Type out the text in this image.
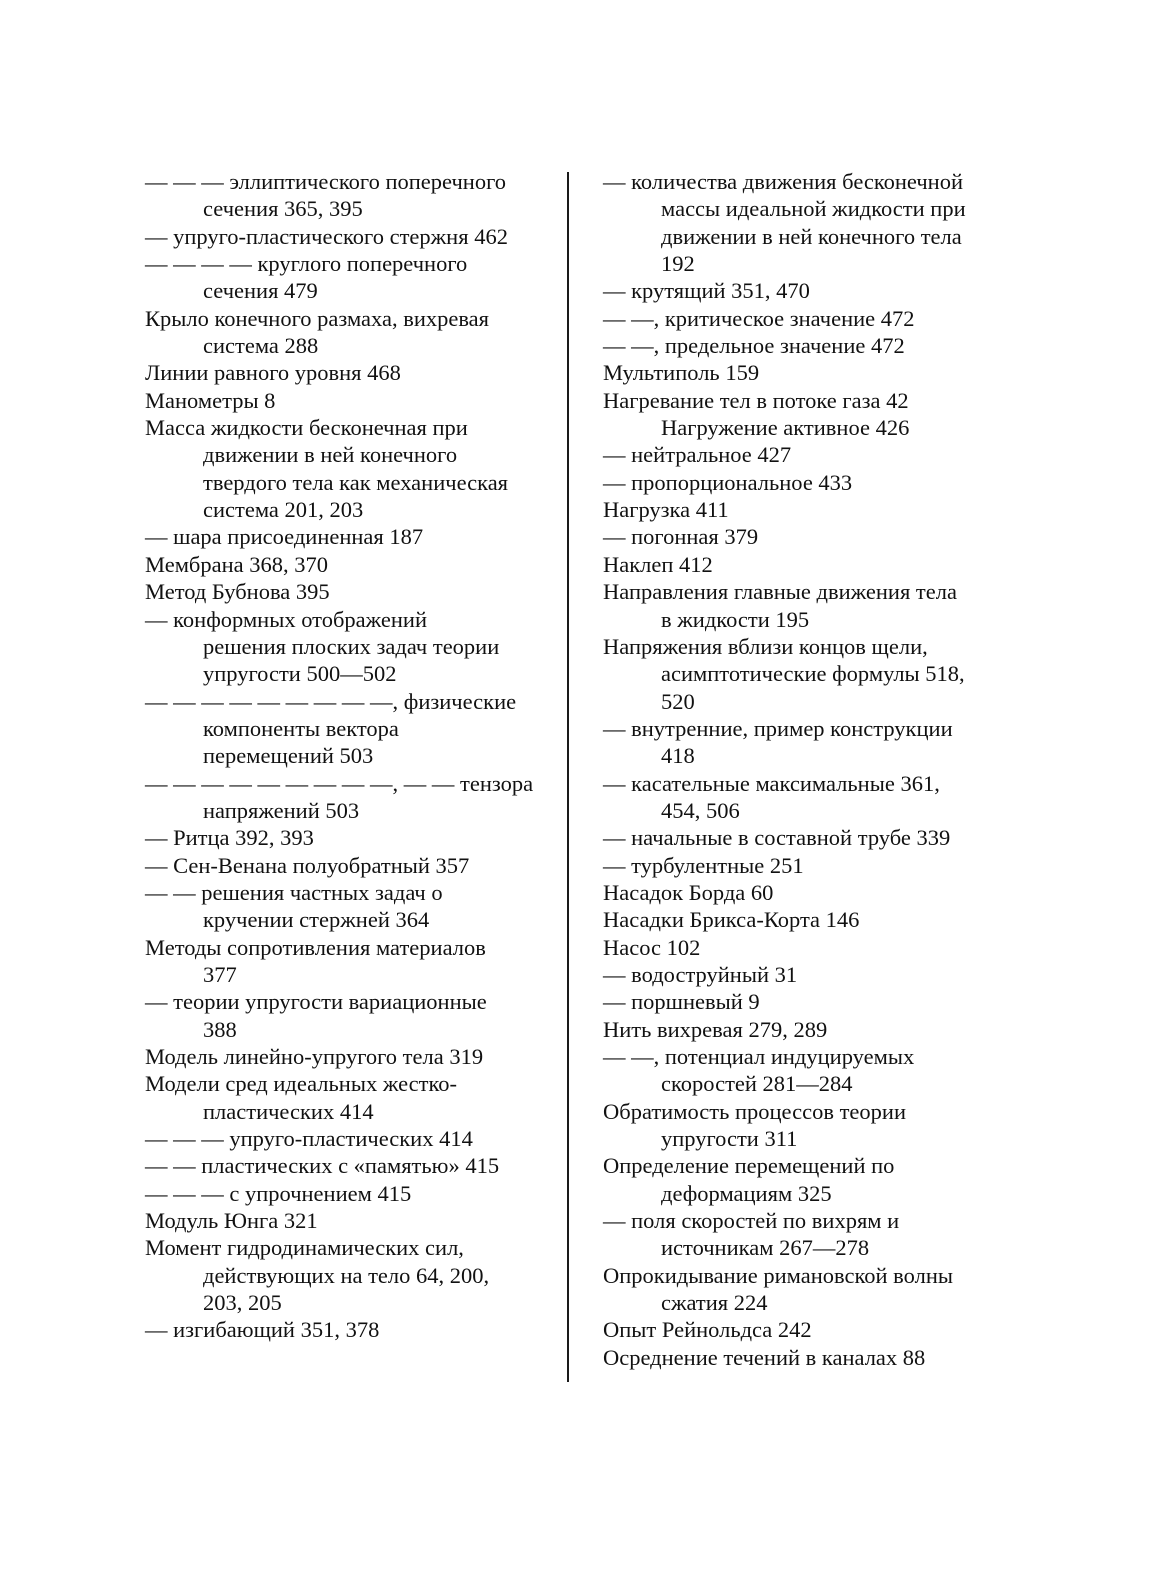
— — — эллиптического поперечного
сечения 365, 395
— упруго-пластического стержня 462
— — — — круглого поперечного
сечения 479
Крыло конечного размаха, вихревая
система 288
Линии равного уровня 468
Манометры 8
Масса жидкости бесконечная при
движении в ней конечного
твердого тела как механическая
система 201, 203
— шара присоединенная 187
Мембрана 368, 370
Метод Бубнова 395
— конформных отображений
решения плоских задач теории
упругости 500—502
— — — — — — — — —, физические
компоненты вектора
перемещений 503
— — — — — — — — —, — — тензора
напряжений 503
— Ритца 392, 393
— Сен-Венана полуобратный 357
— — решения частных задач о
кручении стержней 364
Методы сопротивления материалов
377
— теории упругости вариационные
388
Модель линейно-упругого тела 319
Модели сред идеальных жестко-
пластических 414
— — — упруго-пластических 414
— — пластических с «памятью» 415
— — — с упрочнением 415
Модуль Юнга 321
Момент гидродинамических сил,
действующих на тело 64, 200,
203, 205
— изгибающий 351, 378
— количества движения бесконечной
массы идеальной жидкости при
движении в ней конечного тела
192
— крутящий 351, 470
— —, критическое значение 472
— —, предельное значение 472
Мультиполь 159
Нагревание тел в потоке газа 42
Нагружение активное 426
— нейтральное 427
— пропорциональное 433
Нагрузка 411
— погонная 379
Наклеп 412
Направления главные движения тела
в жидкости 195
Напряжения вблизи концов щели,
асимптотические формулы 518,
520
— внутренние, пример конструкции
418
— касательные максимальные 361,
454, 506
— начальные в составной трубе 339
— турбулентные 251
Насадок Борда 60
Насадки Брикса-Корта 146
Насос 102
— водоструйный 31
— поршневый 9
Нить вихревая 279, 289
— —, потенциал индуцируемых
скоростей 281—284
Обратимость процессов теории
упругости 311
Определение перемещений по
деформациям 325
— поля скоростей по вихрям и
источникам 267—278
Опрокидывание римановской волны
сжатия 224
Опыт Рейнольдса 242
Осреднение течений в каналах 88
